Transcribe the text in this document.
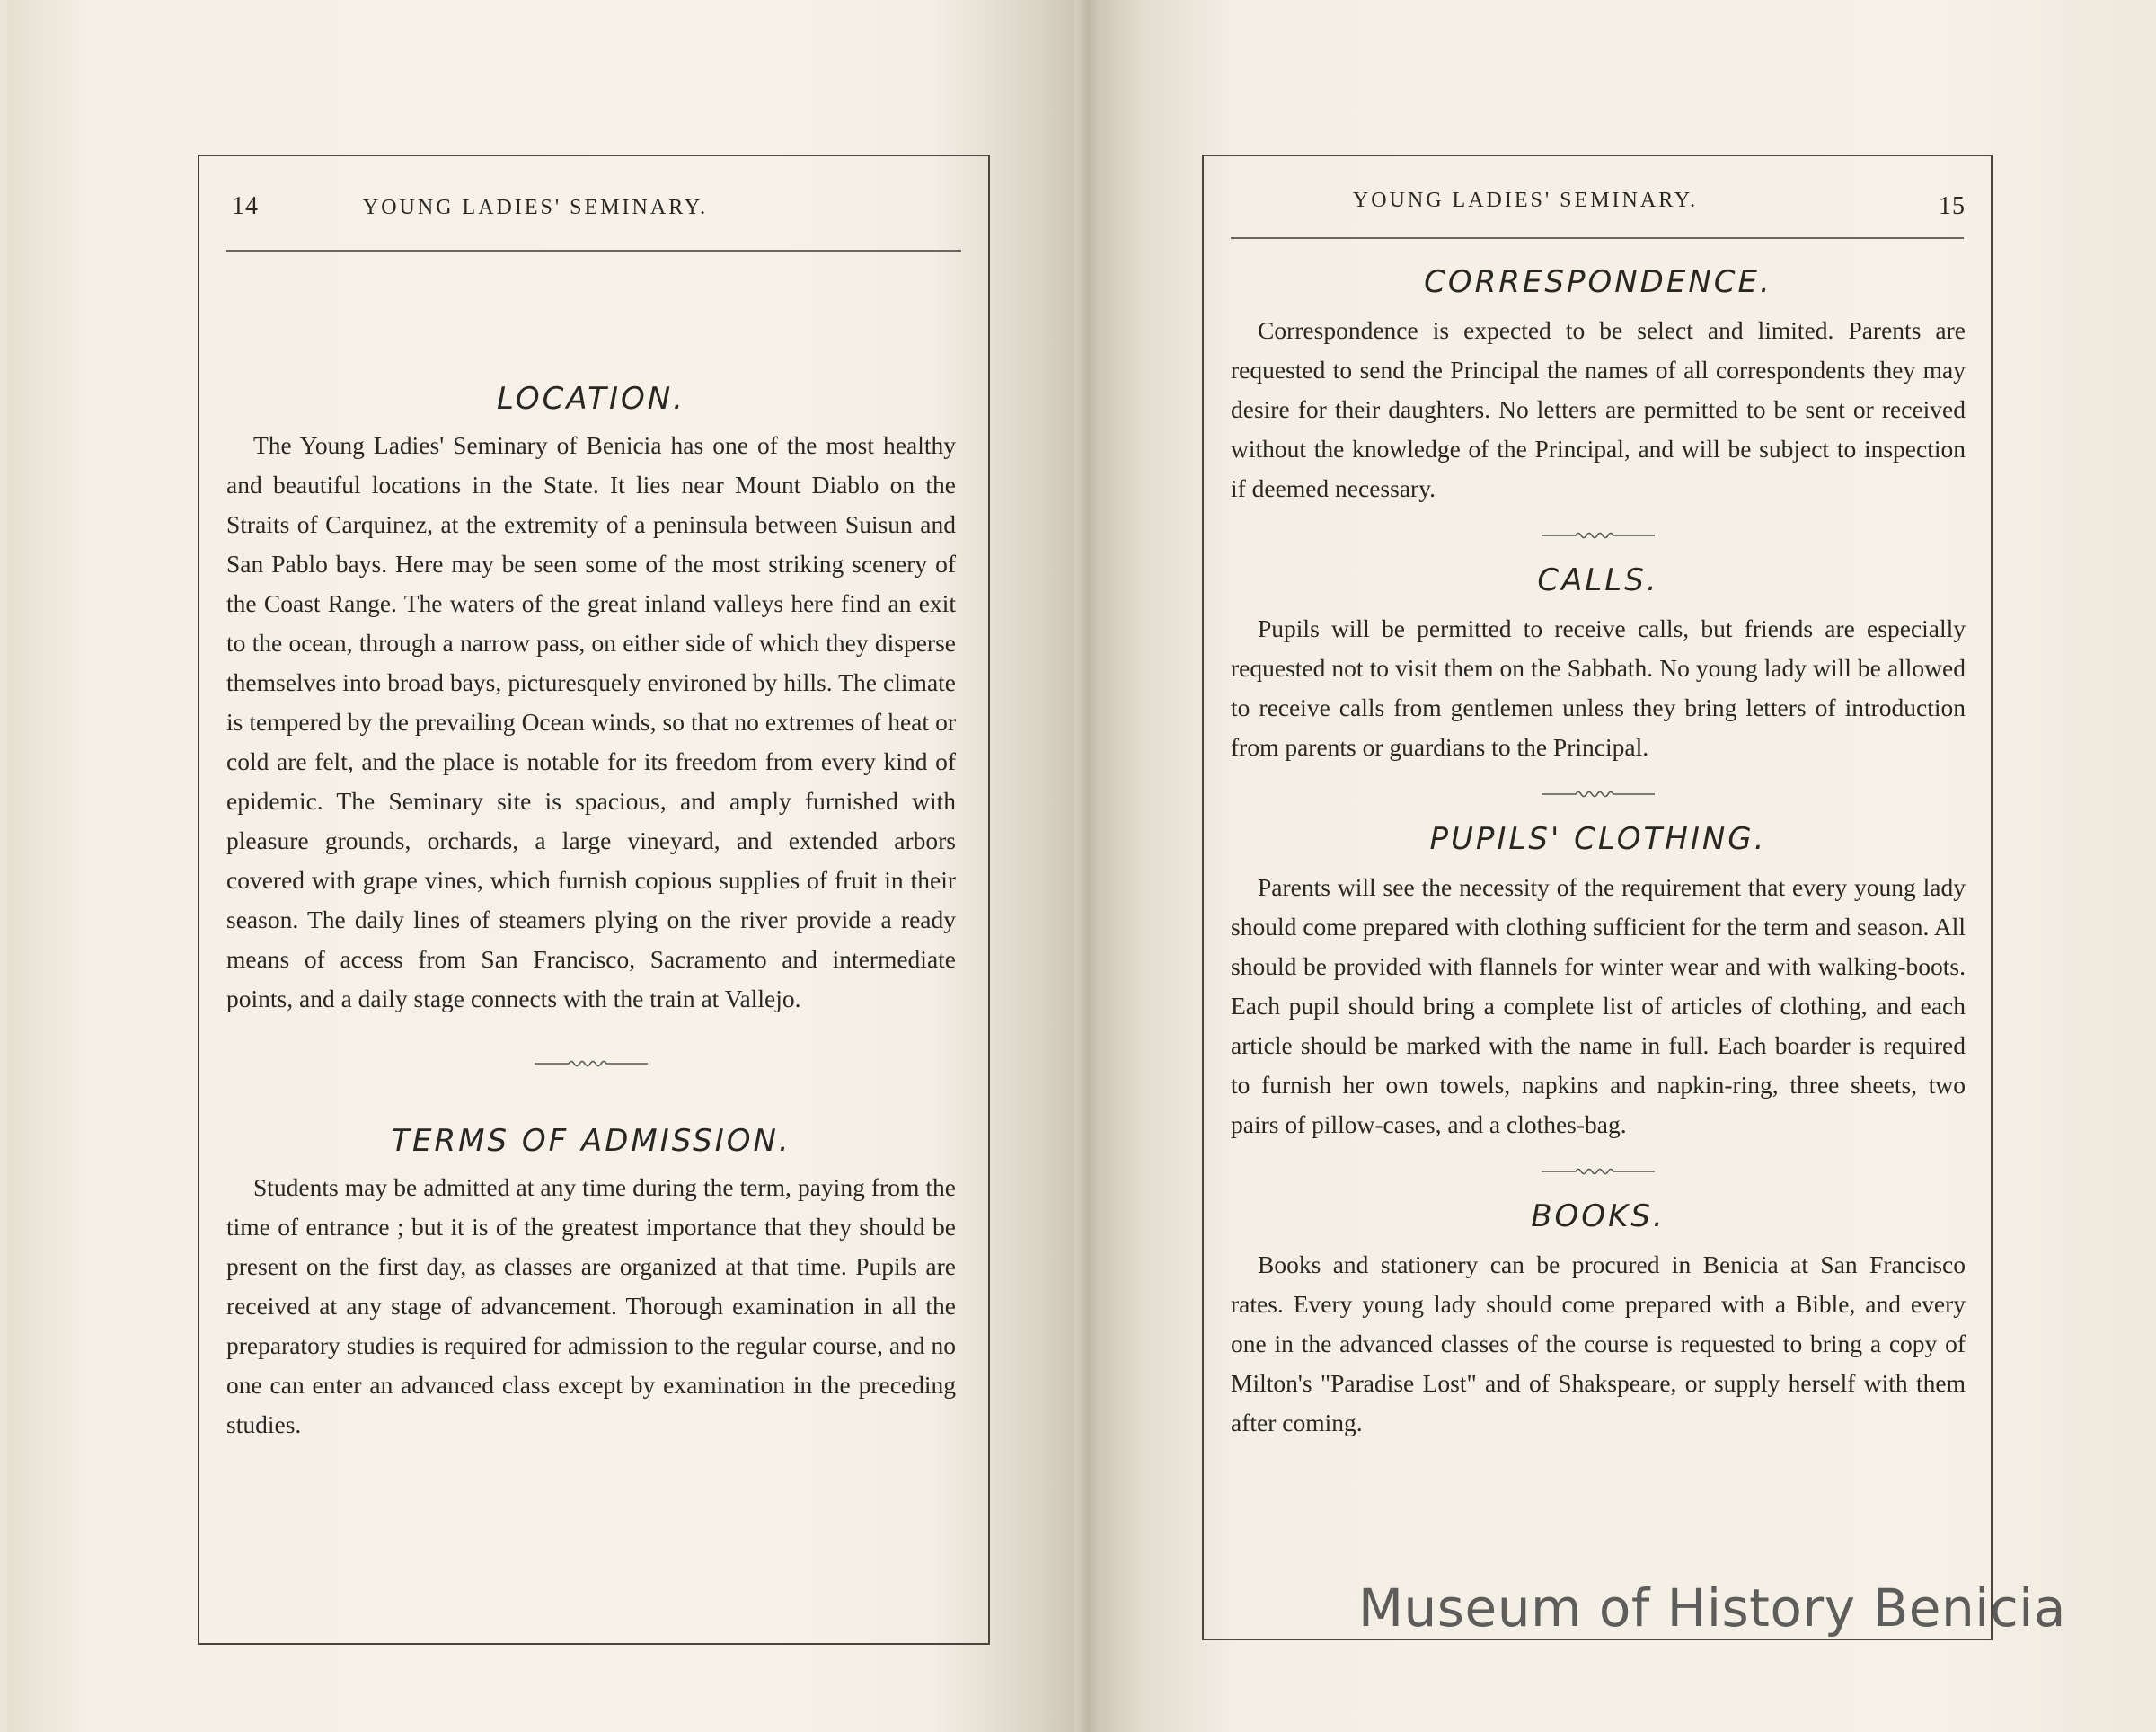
14	YOUNG LADIES' SEMINARY.
LOCATION.

The Young Ladies' Seminary of Benicia has one of the most healthy and beautiful locations in the State. It lies near Mount Diablo on the Straits of Carquinez, at the extremity of a peninsula between Suisun and San Pablo bays. Here may be seen some of the most striking scenery of the Coast Range. The waters of the great inland valleys here find an exit to the ocean, through a narrow pass, on either side of which they disperse themselves into broad bays, picturesquely environed by hills. The climate is tempered by the prevailing Ocean winds, so that no extremes of heat or cold are felt, and the place is notable for its freedom from every kind of epidemic. The Seminary site is spacious, and amply furnished with pleasure grounds, orchards, a large vineyard, and extended arbors covered with grape vines, which furnish copious supplies of fruit in their season. The daily lines of steamers plying on the river provide a ready means of access from San Francisco, Sacramento and intermediate points, and a daily stage connects with the train at Vallejo.

TERMS OF ADMISSION.

Students may be admitted at any time during the term, paying from the time of entrance ; but it is of the greatest importance that they should be present on the first day, as classes are organized at that time. Pupils are received at any stage of advancement. Thorough examination in all the preparatory studies is required for admission to the regular course, and no one can enter an advanced class except by examination in the preceding studies.

YOUNG LADIES' SEMINARY.	15
CORRESPONDENCE.

Correspondence is expected to be select and limited. Parents are requested to send the Principal the names of all correspondents they may desire for their daughters. No letters are permitted to be sent or received without the knowledge of the Principal, and will be subject to inspection if deemed necessary.

CALLS.

Pupils will be permitted to receive calls, but friends are especially requested not to visit them on the Sabbath. No young lady will be allowed to receive calls from gentlemen unless they bring letters of introduction from parents or guardians to the Principal.

PUPILS' CLOTHING.

Parents will see the necessity of the requirement that every young lady should come prepared with clothing sufficient for the term and season. All should be provided with flannels for winter wear and with walking-boots. Each pupil should bring a complete list of articles of clothing, and each article should be marked with the name in full. Each boarder is required to furnish her own towels, napkins and napkin-ring, three sheets, two pairs of pillow-cases, and a clothes-bag.

BOOKS.

Books and stationery can be procured in Benicia at San Francisco rates. Every young lady should come prepared with a Bible, and every one in the advanced classes of the course is requested to bring a copy of Milton's "Paradise Lost" and of Shakspeare, or supply herself with them after coming.

Museum of History Benicia
